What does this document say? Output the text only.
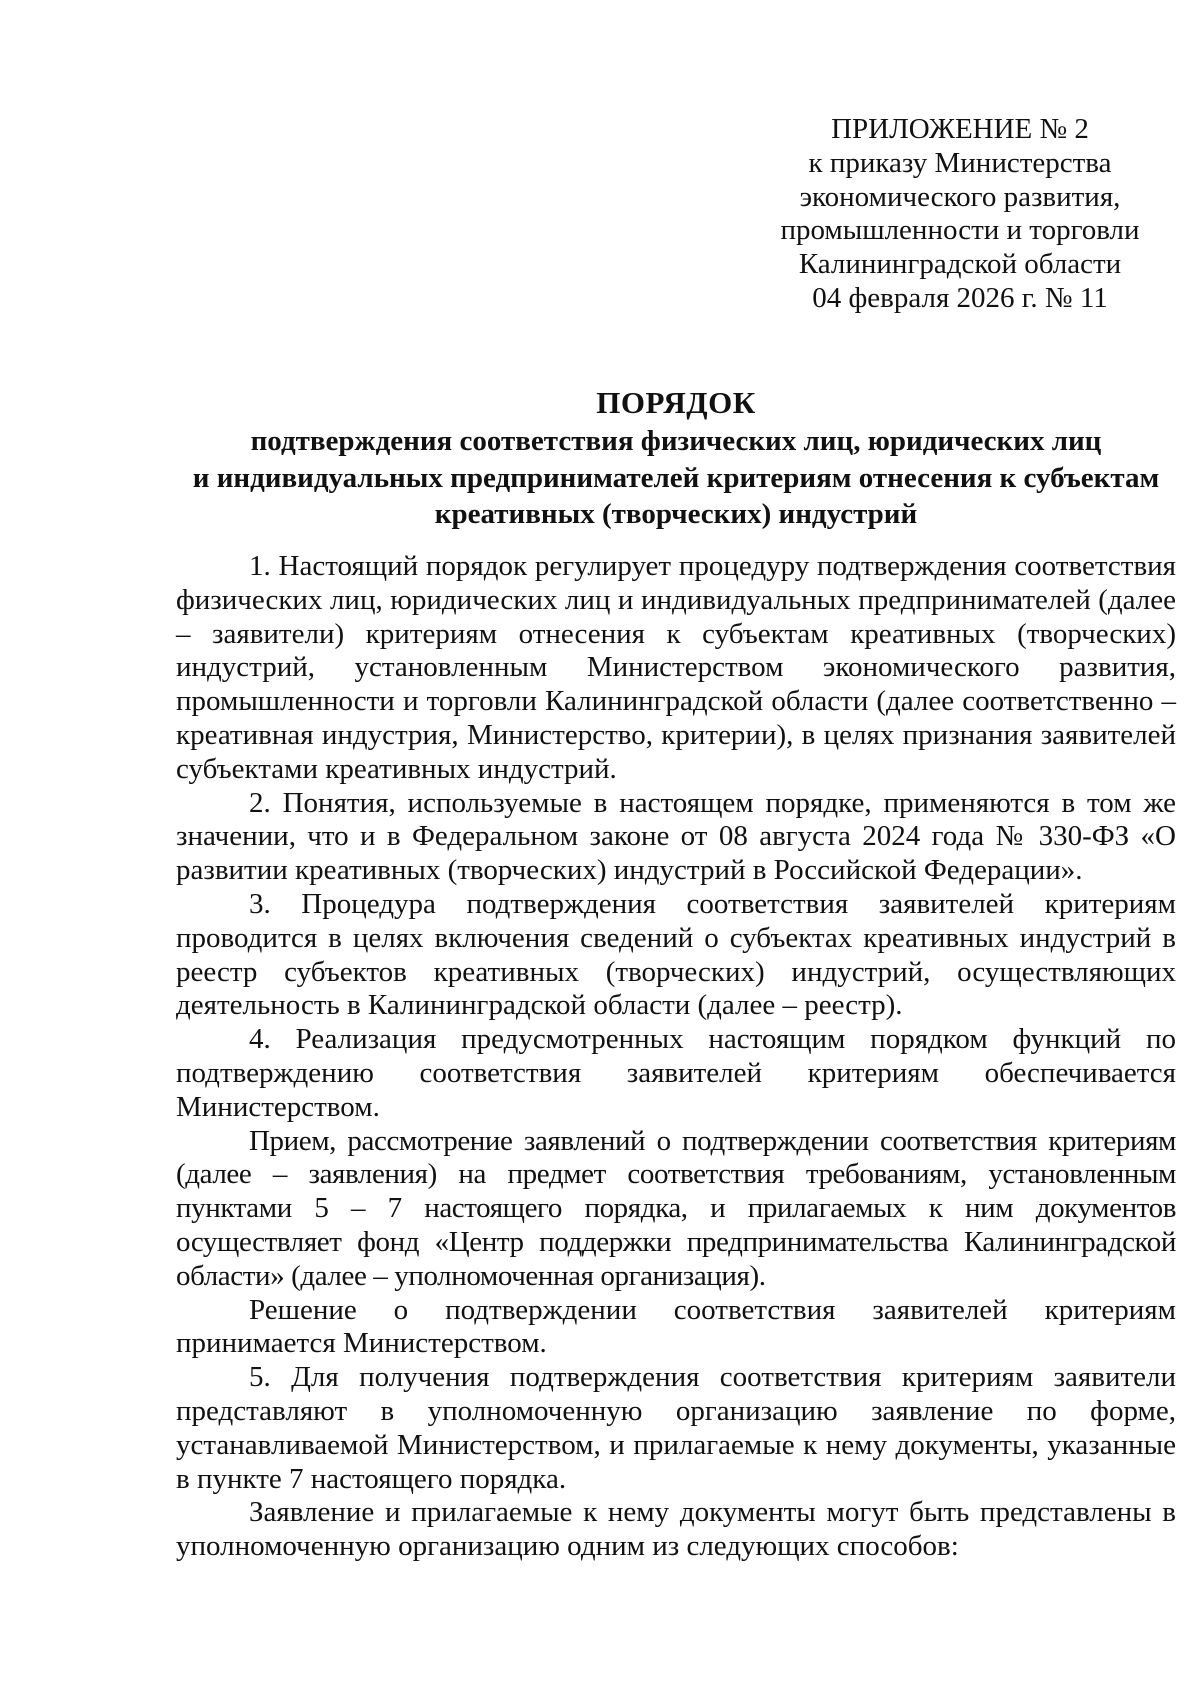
ПРИЛОЖЕНИЕ № 2
к приказу Министерства
экономического развития,
промышленности и торговли
Калининградской области
04 февраля 2026 г. № 11
ПОРЯДОК
подтверждения соответствия физических лиц, юридических лиц
и индивидуальных предпринимателей критериям отнесения к субъектам
креативных (творческих) индустрий

1. Настоящий порядок регулирует процедуру подтверждения соответствия физических лиц, юридических лиц и индивидуальных предпринимателей (далее – заявители) критериям отнесения к субъектам креативных (творческих) индустрий, установленным Министерством экономического развития, промышленности и торговли Калининградской области (далее соответственно – креативная индустрия, Министерство, критерии), в целях признания заявителей субъектами креативных индустрий.

2. Понятия, используемые в настоящем порядке, применяются в том же значении, что и в Федеральном законе от 08 августа 2024 года № 330-ФЗ «О развитии креативных (творческих) индустрий в Российской Федерации».

3. Процедура подтверждения соответствия заявителей критериям проводится в целях включения сведений о субъектах креативных индустрий в реестр субъектов креативных (творческих) индустрий, осуществляющих деятельность в Калининградской области (далее – реестр).

4. Реализация предусмотренных настоящим порядком функций по подтверждению соответствия заявителей критериям обеспечивается Министерством.

Прием, рассмотрение заявлений о подтверждении соответствия критериям (далее – заявления) на предмет соответствия требованиям, установленным пунктами 5 – 7 настоящего порядка, и прилагаемых к ним документов осуществляет фонд «Центр поддержки предпринимательства Калининградской области» (далее – уполномоченная организация).

Решение о подтверждении соответствия заявителей критериям принимается Министерством.

5. Для получения подтверждения соответствия критериям заявители представляют в уполномоченную организацию заявление по форме, устанавливаемой Министерством, и прилагаемые к нему документы, указанные в пункте 7 настоящего порядка.

Заявление и прилагаемые к нему документы могут быть представлены в уполномоченную организацию одним из следующих способов:
